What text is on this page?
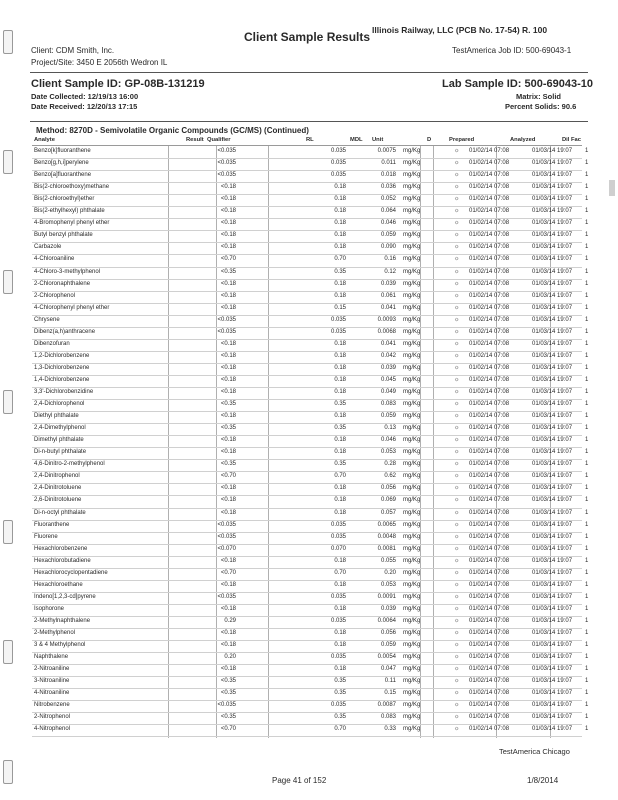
Illinois Railway, LLC (PCB No. 17-54) R. 100
Client Sample Results
Client: CDM Smith, Inc.
Project/Site: 3450 E 2056th Wedron IL
TestAmerica Job ID: 500-69043-1
Client Sample ID: GP-08B-131219	Lab Sample ID: 500-69043-10
Date Collected: 12/19/13 16:00
Date Received: 12/20/13 17:15
Matrix: Solid
Percent Solids: 90.6
Method: 8270D - Semivolatile Organic Compounds (GC/MS) (Continued)
Analyte	Result Qualifier	RL	MDL Unit	D	Prepared	Analyzed	Dil Fac
Benzo[k]fluoranthene	<0.035	0.035	0.0075 mg/Kg	☼ 01/02/14 07:08	01/03/14 19:07 1
Benzo[g,h,i]perylene	<0.035	0.035	0.011 mg/Kg	☼ 01/02/14 07:08	01/03/14 19:07 1
Benzo[a]fluoranthene	<0.035	0.035	0.018 mg/Kg	☼ 01/02/14 07:08	01/03/14 19:07 1
Bis(2-chloroethoxy)methane	<0.18	0.18	0.036 mg/Kg	☼ 01/02/14 07:08	01/03/14 19:07 1
Bis(2-chloroethyl)ether	<0.18	0.18	0.052 mg/Kg	☼ 01/02/14 07:08	01/03/14 19:07 1
Bis(2-ethylhexyl) phthalate	<0.18	0.18	0.064 mg/Kg	☼ 01/02/14 07:08	01/03/14 19:07 1
4-Bromophenyl phenyl ether	<0.18	0.18	0.046 mg/Kg	☼ 01/02/14 07:08	01/03/14 19:07 1
Butyl benzyl phthalate	<0.18	0.18	0.059 mg/Kg	☼ 01/02/14 07:08	01/03/14 19:07 1
Carbazole	<0.18	0.18	0.090 mg/Kg	☼ 01/02/14 07:08	01/03/14 19:07 1
4-Chloroaniline	<0.70	0.70	0.16 mg/Kg	☼ 01/02/14 07:08	01/03/14 19:07 1
4-Chloro-3-methylphenol	<0.35	0.35	0.12 mg/Kg	☼ 01/02/14 07:08	01/03/14 19:07 1
2-Chloronaphthalene	<0.18	0.18	0.039 mg/Kg	☼ 01/02/14 07:08	01/03/14 19:07 1
2-Chlorophenol	<0.18	0.18	0.061 mg/Kg	☼ 01/02/14 07:08	01/03/14 19:07 1
4-Chlorophenyl phenyl ether	<0.18	0.15	0.041 mg/Kg	☼ 01/02/14 07:08	01/03/14 19:07 1
Chrysene	<0.035	0.035	0.0093 mg/Kg	☼ 01/02/14 07:08	01/03/14 19:07 1
Dibenz(a,h)anthracene	<0.035	0.035	0.0068 mg/Kg	☼ 01/02/14 07:08	01/03/14 19:07 1
Dibenzofuran	<0.18	0.18	0.041 mg/Kg	☼ 01/02/14 07:08	01/03/14 19:07 1
1,2-Dichlorobenzene	<0.18	0.18	0.042 mg/Kg	☼ 01/02/14 07:08	01/03/14 19:07 1
1,3-Dichlorobenzene	<0.18	0.18	0.039 mg/Kg	☼ 01/02/14 07:08	01/03/14 19:07 1
1,4-Dichlorobenzene	<0.18	0.18	0.045 mg/Kg	☼ 01/02/14 07:08	01/03/14 19:07 1
3,3'-Dichlorobenzidine	<0.18	0.18	0.049 mg/Kg	☼ 01/02/14 07:08	01/03/14 19:07 1
2,4-Dichlorophenol	<0.35	0.35	0.083 mg/Kg	☼ 01/02/14 07:08	01/03/14 19:07 1
Diethyl phthalate	<0.18	0.18	0.059 mg/Kg	☼ 01/02/14 07:08	01/03/14 19:07 1
2,4-Dimethylphenol	<0.35	0.35	0.13 mg/Kg	☼ 01/02/14 07:08	01/03/14 19:07 1
Dimethyl phthalate	<0.18	0.18	0.046 mg/Kg	☼ 01/02/14 07:08	01/03/14 19:07 1
Di-n-butyl phthalate	<0.18	0.18	0.053 mg/Kg	☼ 01/02/14 07:08	01/03/14 19:07 1
4,6-Dinitro-2-methylphenol	<0.35	0.35	0.28 mg/Kg	☼ 01/02/14 07:08	01/03/14 19:07 1
2,4-Dinitrophenol	<0.70	0.70	0.62 mg/Kg	☼ 01/02/14 07:08	01/03/14 19:07 1
2,4-Dinitrotoluene	<0.18	0.18	0.056 mg/Kg	☼ 01/02/14 07:08	01/03/14 19:07 1
2,6-Dinitrotoluene	<0.18	0.18	0.069 mg/Kg	☼ 01/02/14 07:08	01/03/14 19:07 1
Di-n-octyl phthalate	<0.18	0.18	0.057 mg/Kg	☼ 01/02/14 07:08	01/03/14 19:07 1
Fluoranthene	<0.035	0.035	0.0065 mg/Kg	☼ 01/02/14 07:08	01/03/14 19:07 1
Fluorene	<0.035	0.035	0.0048 mg/Kg	☼ 01/02/14 07:08	01/03/14 19:07 1
Hexachlorobenzene	<0.070	0.070	0.0081 mg/Kg	☼ 01/02/14 07:08	01/03/14 19:07 1
Hexachlorobutadiene	<0.18	0.18	0.055 mg/Kg	☼ 01/02/14 07:08	01/03/14 19:07 1
Hexachlorocyclopentadiene	<0.70	0.70	0.20 mg/Kg	☼ 01/02/14 07:08	01/03/14 19:07 1
Hexachloroethane	<0.18	0.18	0.053 mg/Kg	☼ 01/02/14 07:08	01/03/14 19:07 1
Indeno[1,2,3-cd]pyrene	<0.035	0.035	0.0091 mg/Kg	☼ 01/02/14 07:08	01/03/14 19:07 1
Isophorone	<0.18	0.18	0.039 mg/Kg	☼ 01/02/14 07:08	01/03/14 19:07 1
2-Methylnaphthalene	0.29	0.035	0.0064 mg/Kg	☼ 01/02/14 07:08	01/03/14 19:07 1
2-Methylphenol	<0.18	0.18	0.056 mg/Kg	☼ 01/02/14 07:08	01/03/14 19:07 1
3 & 4 Methylphenol	<0.18	0.18	0.059 mg/Kg	☼ 01/02/14 07:08	01/03/14 19:07 1
Naphthalene	0.20	0.035	0.0054 mg/Kg	☼ 01/02/14 07:08	01/03/14 19:07 1
2-Nitroaniline	<0.18	0.18	0.047 mg/Kg	☼ 01/02/14 07:08	01/03/14 19:07 1
3-Nitroaniline	<0.35	0.35	0.11 mg/Kg	☼ 01/02/14 07:08	01/03/14 19:07 1
4-Nitroaniline	<0.35	0.35	0.15 mg/Kg	☼ 01/02/14 07:08	01/03/14 19:07 1
Nitrobenzene	<0.035	0.035	0.0087 mg/Kg	☼ 01/02/14 07:08	01/03/14 19:07 1
2-Nitrophenol	<0.35	0.35	0.083 mg/Kg	☼ 01/02/14 07:08	01/03/14 19:07 1
4-Nitrophenol	<0.70	0.70	0.33 mg/Kg	☼ 01/02/14 07:08	01/03/14 19:07 1
TestAmerica Chicago
Page 41 of 152	1/8/2014
